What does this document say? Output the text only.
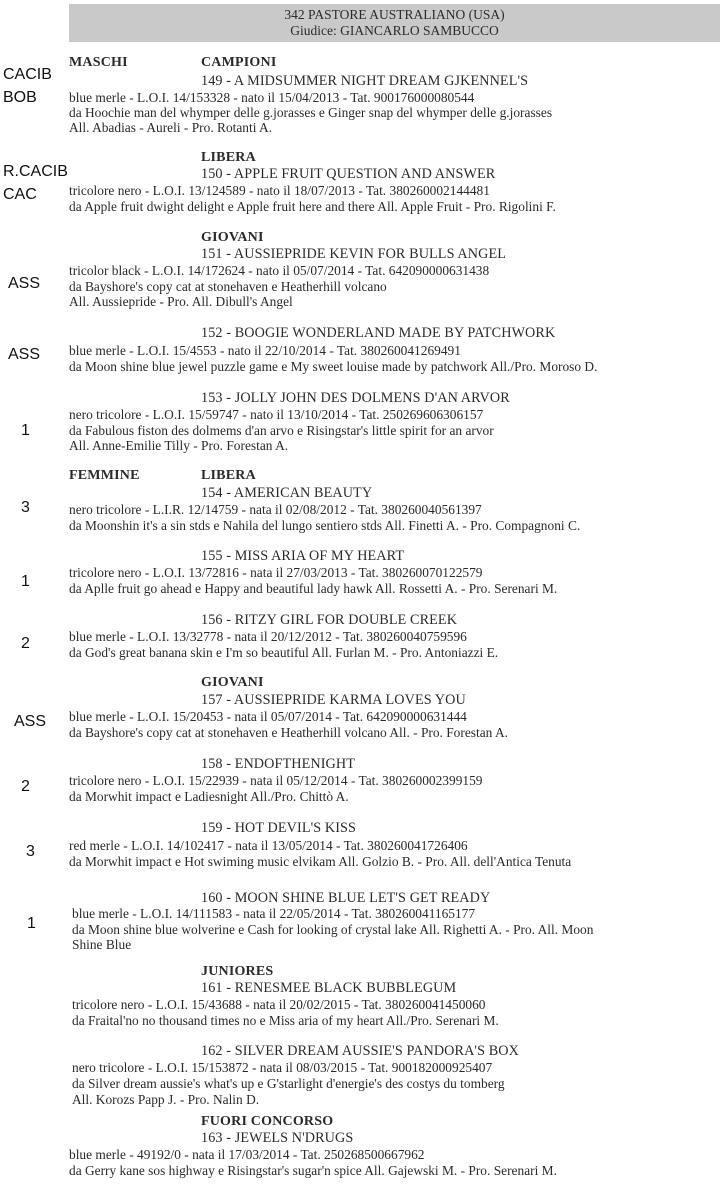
342 PASTORE AUSTRALIANO (USA)
Giudice: GIANCARLO SAMBUCCO
MASCHI	CAMPIONI
LIBERA
GIOVANI
FEMMINE	LIBERA
GIOVANI
JUNIORES
FUORI CONCORSO
CACIB
BOB
R.CACIB
CAC
ASS
ASS
1
3
1
2
ASS
2
3
1
149 - A MIDSUMMER NIGHT DREAM GJKENNEL'S
blue merle - L.O.I. 14/153328 - nato il 15/04/2013 - Tat. 900176000080544
da Hoochie man del whymper delle g.jorasses e Ginger snap del whymper delle g.jorasses
All. Abadias - Aureli - Pro. Rotanti A.
150 - APPLE FRUIT QUESTION AND ANSWER
tricolore nero - L.O.I. 13/124589 - nato il 18/07/2013 - Tat. 380260002144481
da Apple fruit dwight delight e Apple fruit here and there All. Apple Fruit - Pro. Rigolini F.
151 - AUSSIEPRIDE KEVIN FOR BULLS ANGEL
tricolor black - L.O.I. 14/172624 - nato il 05/07/2014 - Tat. 642090000631438
da Bayshore's copy cat at stonehaven e Heatherhill volcano
All. Aussiepride - Pro. All. Dibull's Angel
152 - BOOGIE WONDERLAND MADE BY PATCHWORK
blue merle - L.O.I. 15/4553 - nato il 22/10/2014 - Tat. 380260041269491
da Moon shine blue jewel puzzle game e My sweet louise made by patchwork All./Pro. Moroso D.
153 - JOLLY JOHN DES DOLMENS D'AN ARVOR
nero tricolore - L.O.I. 15/59747 - nato il 13/10/2014 - Tat. 250269606306157
da Fabulous fiston des dolmems d'an arvo e Risingstar's little spirit for an arvor
All. Anne-Emilie Tilly - Pro. Forestan A.
154 - AMERICAN BEAUTY
nero tricolore - L.I.R. 12/14759 - nata il 02/08/2012 - Tat. 380260040561397
da Moonshin it's a sin stds e Nahila del lungo sentiero stds All. Finetti A. - Pro. Compagnoni C.
155 - MISS ARIA OF MY HEART
tricolore nero - L.O.I. 13/72816 - nata il 27/03/2013 - Tat. 380260070122579
da Aplle fruit go ahead e Happy and beautiful lady hawk All. Rossetti A. - Pro. Serenari M.
156 - RITZY GIRL FOR DOUBLE CREEK
blue merle - L.O.I. 13/32778 - nata il 20/12/2012 - Tat. 380260040759596
da God's great banana skin e I'm so beautiful All. Furlan M. - Pro. Antoniazzi E.
157 - AUSSIEPRIDE KARMA LOVES YOU
blue merle - L.O.I. 15/20453 - nata il 05/07/2014 - Tat. 642090000631444
da Bayshore's copy cat at stonehaven e Heatherhill volcano All. - Pro. Forestan A.
158 - ENDOFTHENIGHT
tricolore nero - L.O.I. 15/22939 - nata il 05/12/2014 - Tat. 380260002399159
da Morwhit impact e Ladiesnight All./Pro. Chittò A.
159 - HOT DEVIL'S KISS
red merle - L.O.I. 14/102417 - nata il 13/05/2014 - Tat. 380260041726406
da Morwhit impact e Hot swiming music elvikam All. Golzio B. - Pro. All. dell'Antica Tenuta
160 - MOON SHINE BLUE LET'S GET READY
blue merle - L.O.I. 14/111583 - nata il 22/05/2014 - Tat. 380260041165177
da Moon shine blue wolverine e Cash for looking of crystal lake All. Righetti A. - Pro. All. Moon
Shine Blue
161 - RENESMEE BLACK BUBBLEGUM
tricolore nero - L.O.I. 15/43688 - nata il 20/02/2015 - Tat. 380260041450060
da Fraital'no no thousand times no e Miss aria of my heart All./Pro. Serenari M.
162 - SILVER DREAM AUSSIE'S PANDORA'S BOX
nero tricolore - L.O.I. 15/153872 - nata il 08/03/2015 - Tat. 900182000925407
da Silver dream aussie's what's up e G'starlight d'energie's des costys du tomberg
All. Korozs Papp J. - Pro. Nalin D.
163 - JEWELS N'DRUGS
blue merle - 49192/0 - nata il 17/03/2014 - Tat. 250268500667962
da Gerry kane sos highway e Risingstar's sugar'n spice All. Gajewski M. - Pro. Serenari M.
